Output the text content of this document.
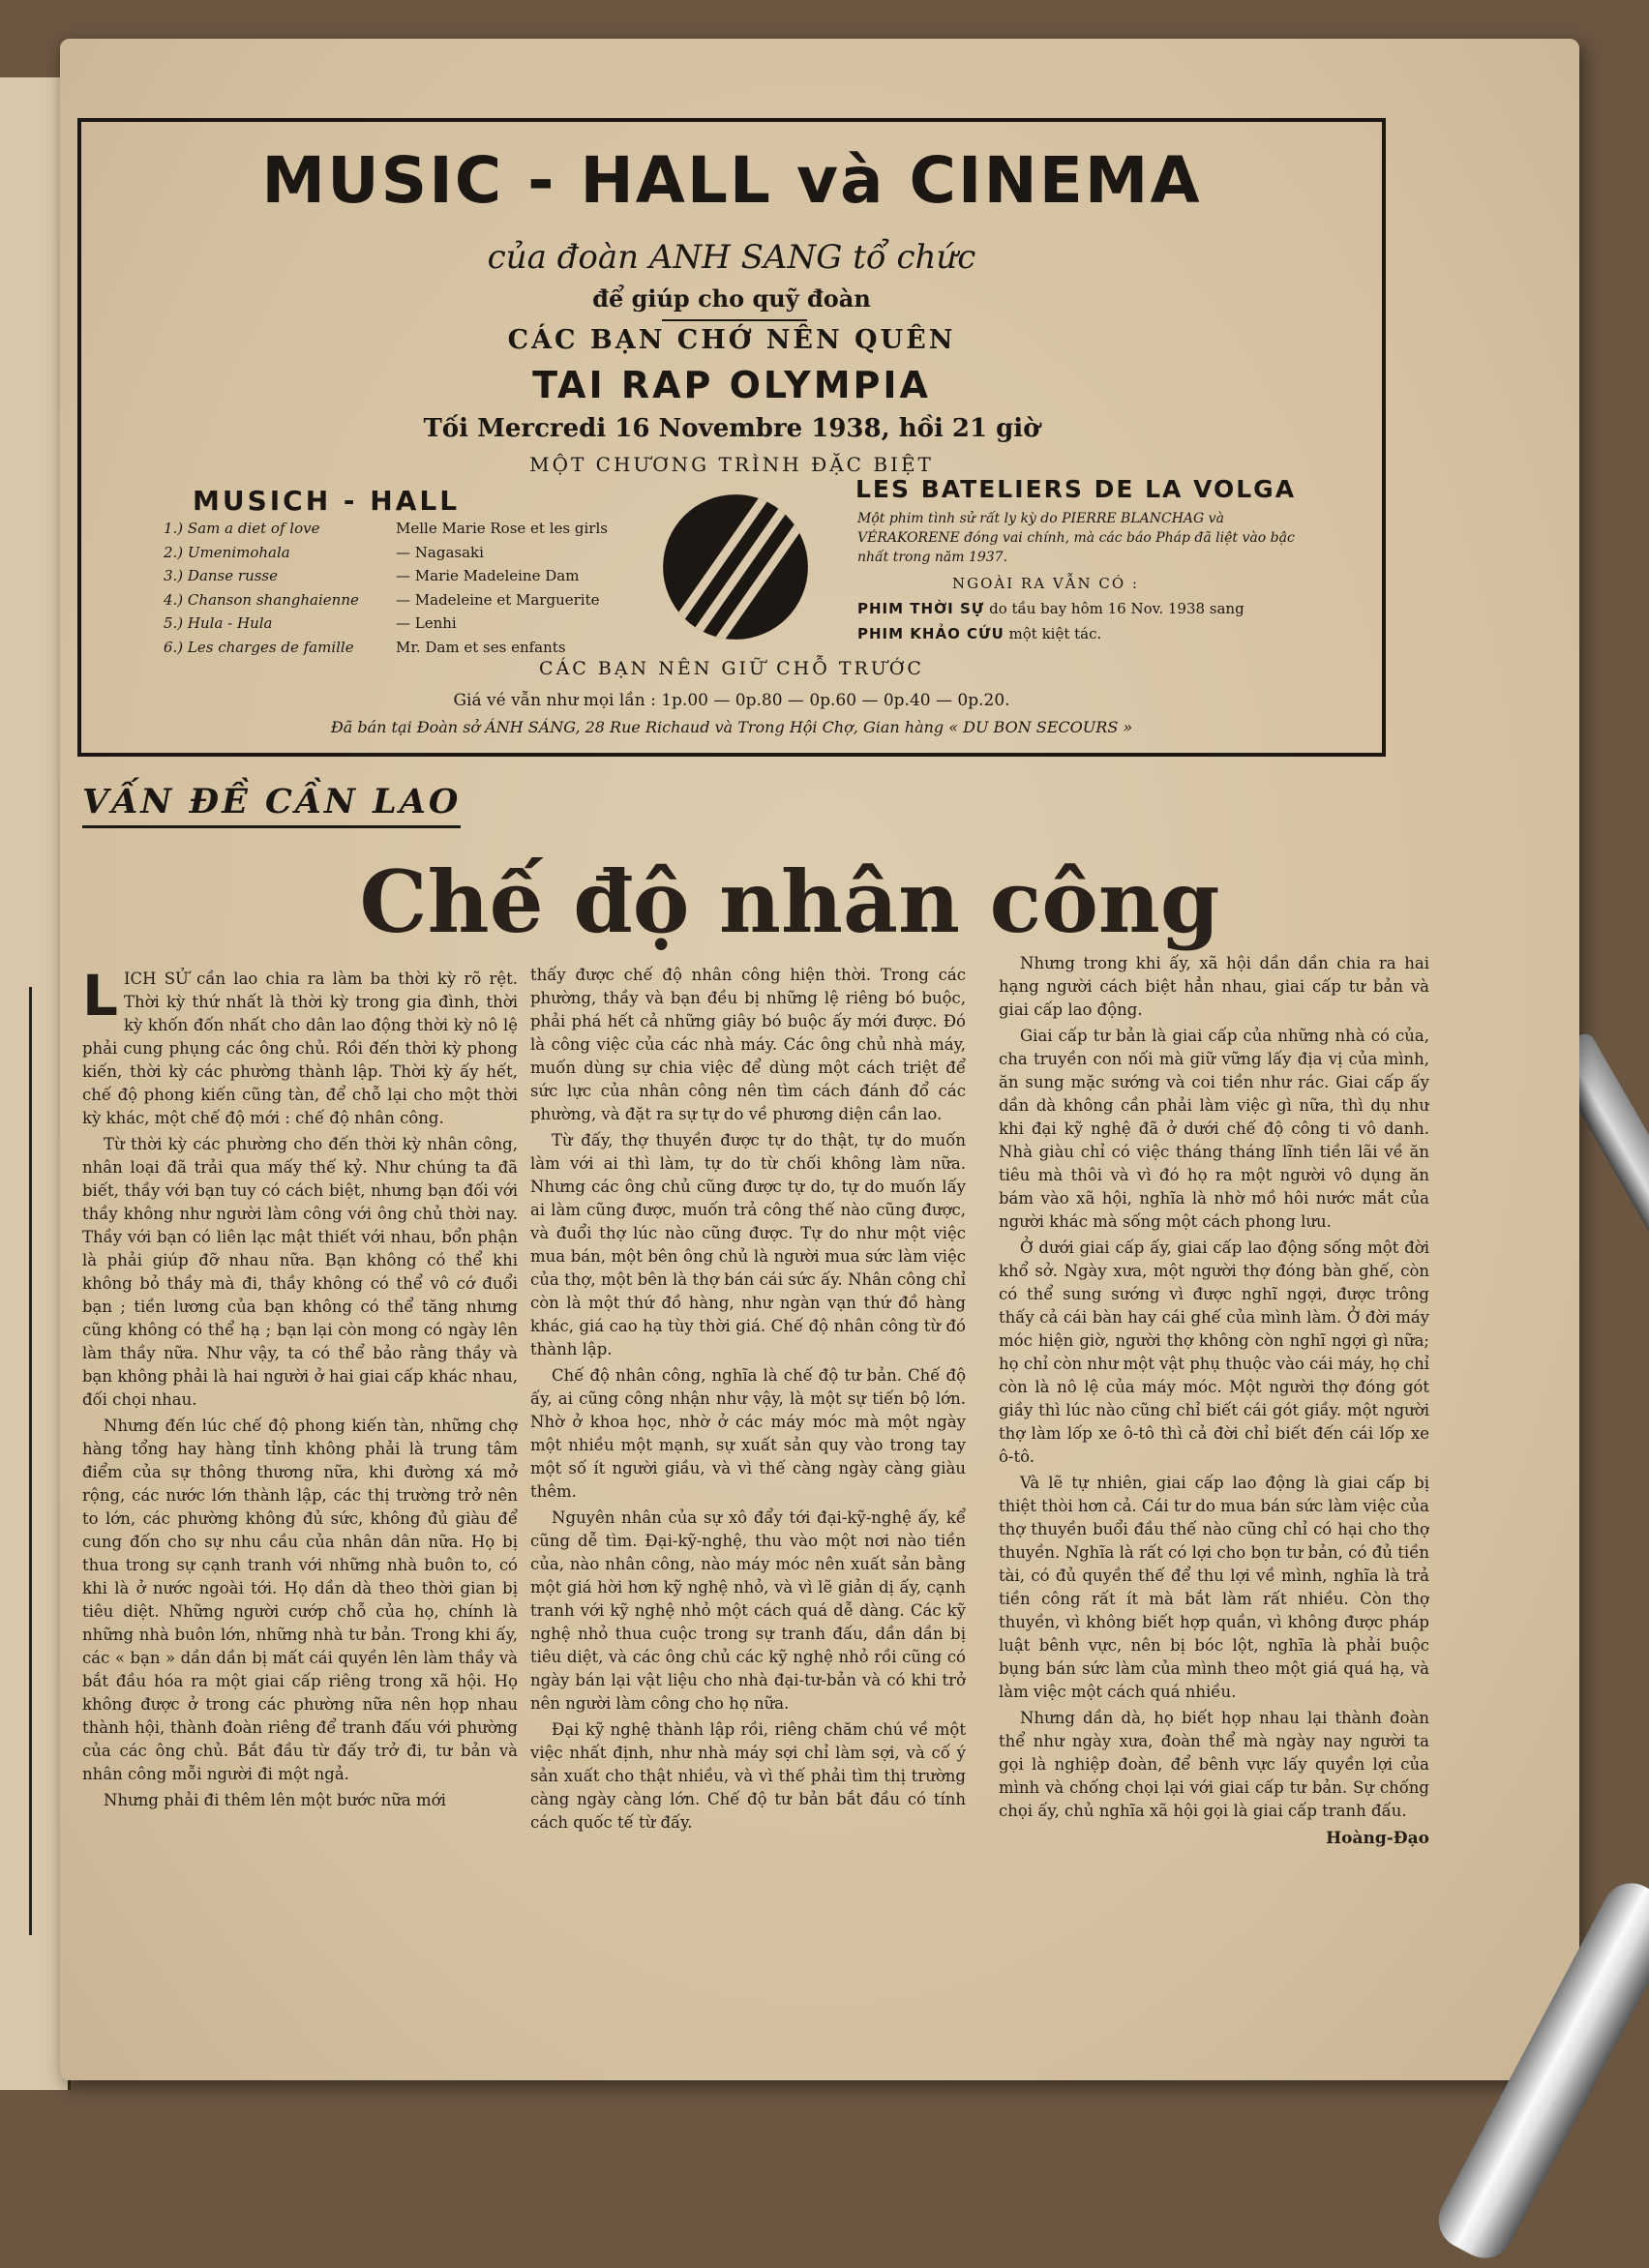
MUSIC - HALL và CINEMA
của đoàn ANH SANG tổ chức
để giúp cho quỹ đoàn
CÁC BẠN CHỚ NÊN QUÊN
TAI RAP OLYMPIA
Tối Mercredi 16 Novembre 1938, hồi 21 giờ
MỘT CHƯƠNG TRÌNH ĐẶC BIỆT
MUSICH - HALL
1.) Sam a diet of love
2.) Umenimohala
3.) Danse russe
4.) Chanson shanghaienne
5.) Hula - Hula
6.) Les charges de famille
Melle Marie Rose et les girls
— Nagasaki
— Marie Madeleine Dam
— Madeleine et Marguerite
— Lenhi
Mr. Dam et ses enfants
LES BATELIERS DE LA VOLGA
Một phim tình sử rất ly kỳ do PIERRE BLANCHAG và VÉRAKORENE đóng vai chính, mà các báo Pháp đã liệt vào bậc nhất trong năm 1937.
NGOÀI RA VẪN CÓ :
PHIM THỜI SỰ do tầu bay hôm 16 Nov. 1938 sang
PHIM KHẢO CỨU một kiệt tác.
CÁC BẠN NÊN GIỮ CHỖ TRƯỚC
Giá vé vẫn như mọi lần : 1p.00 — 0p.80 — 0p.60 — 0p.40 — 0p.20.
Đã bán tại Đoàn sở ÁNH SÁNG, 28 Rue Richaud và Trong Hội Chợ, Gian hàng « DU BON SECOURS »
VẤN ĐỀ CẦN LAO
Chế độ nhân công

LICH SỬ cần lao chia ra làm ba thời kỳ rõ rệt. Thời kỳ thứ nhất là thời kỳ trong gia đình, thời kỳ khốn đốn nhất cho dân lao động thời kỳ nô lệ phải cung phụng các ông chủ. Rồi đến thời kỳ phong kiến, thời kỳ các phường thành lập. Thời kỳ ấy hết, chế độ phong kiến cũng tàn, để chỗ lại cho một thời kỳ khác, một chế độ mới : chế độ nhân công.

Từ thời kỳ các phường cho đến thời kỳ nhân công, nhân loại đã trải qua mấy thế kỷ. Như chúng ta đã biết, thầy với bạn tuy có cách biệt, nhưng bạn đối với thầy không như người làm công với ông chủ thời nay. Thầy với bạn có liên lạc mật thiết với nhau, bổn phận là phải giúp đỡ nhau nữa. Bạn không có thể khi không bỏ thầy mà đi, thầy không có thể vô cớ đuổi bạn ; tiền lương của bạn không có thể tăng nhưng cũng không có thể hạ ; bạn lại còn mong có ngày lên làm thầy nữa. Như vậy, ta có thể bảo rằng thầy và bạn không phải là hai người ở hai giai cấp khác nhau, đối chọi nhau.

Nhưng đến lúc chế độ phong kiến tàn, những chợ hàng tổng hay hàng tỉnh không phải là trung tâm điểm của sự thông thương nữa, khi đường xá mở rộng, các nước lớn thành lập, các thị trường trở nên to lớn, các phường không đủ sức, không đủ giàu để cung đốn cho sự nhu cầu của nhân dân nữa. Họ bị thua trong sự cạnh tranh với những nhà buôn to, có khi là ở nước ngoài tới. Họ dần dà theo thời gian bị tiêu diệt. Những người cướp chỗ của họ, chính là những nhà buôn lớn, những nhà tư bản. Trong khi ấy, các « bạn » dần dần bị mất cái quyền lên làm thầy và bắt đầu hóa ra một giai cấp riêng trong xã hội. Họ không được ở trong các phường nữa nên họp nhau thành hội, thành đoàn riêng để tranh đấu với phường của các ông chủ. Bắt đầu từ đấy trở đi, tư bản và nhân công mỗi người đi một ngả.

Nhưng phải đi thêm lên một bước nữa mới

thấy được chế độ nhân công hiện thời. Trong các phường, thầy và bạn đều bị những lệ riêng bó buộc, phải phá hết cả những giây bó buộc ấy mới được. Đó là công việc của các nhà máy. Các ông chủ nhà máy, muốn dùng sự chia việc để dùng một cách triệt để sức lực của nhân công nên tìm cách đánh đổ các phường, và đặt ra sự tự do về phương diện cần lao.

Từ đấy, thợ thuyền được tự do thật, tự do muốn làm với ai thì làm, tự do từ chối không làm nữa. Nhưng các ông chủ cũng được tự do, tự do muốn lấy ai làm cũng được, muốn trả công thế nào cũng được, và đuổi thợ lúc nào cũng được. Tự do như một việc mua bán, một bên ông chủ là người mua sức làm việc của thợ, một bên là thợ bán cái sức ấy. Nhân công chỉ còn là một thứ đồ hàng, như ngàn vạn thứ đồ hàng khác, giá cao hạ tùy thời giá. Chế độ nhân công từ đó thành lập.

Chế độ nhân công, nghĩa là chế độ tư bản. Chế độ ấy, ai cũng công nhận như vậy, là một sự tiến bộ lớn. Nhờ ở khoa học, nhờ ở các máy móc mà một ngày một nhiều một mạnh, sự xuất sản quy vào trong tay một số ít người giầu, và vì thế càng ngày càng giàu thêm.

Nguyên nhân của sự xô đẩy tới đại-kỹ-nghệ ấy, kể cũng dễ tìm. Đại-kỹ-nghệ, thu vào một nơi nào tiền của, nào nhân công, nào máy móc nên xuất sản bằng một giá hời hơn kỹ nghệ nhỏ, và vì lẽ giản dị ấy, cạnh tranh với kỹ nghệ nhỏ một cách quá dễ dàng. Các kỹ nghệ nhỏ thua cuộc trong sự tranh đấu, dần dần bị tiêu diệt, và các ông chủ các kỹ nghệ nhỏ rồi cũng có ngày bán lại vật liệu cho nhà đại-tư-bản và có khi trở nên người làm công cho họ nữa.

Đại kỹ nghệ thành lập rồi, riêng chăm chú về một việc nhất định, như nhà máy sợi chỉ làm sợi, và cố ý sản xuất cho thật nhiều, và vì thế phải tìm thị trường càng ngày càng lớn. Chế độ tư bản bắt đầu có tính cách quốc tế từ đấy.

Nhưng trong khi ấy, xã hội dần dần chia ra hai hạng người cách biệt hẳn nhau, giai cấp tư bản và giai cấp lao động.

Giai cấp tư bản là giai cấp của những nhà có của, cha truyền con nối mà giữ vững lấy địa vị của mình, ăn sung mặc sướng và coi tiền như rác. Giai cấp ấy dần dà không cần phải làm việc gì nữa, thì dụ như khi đại kỹ nghệ đã ở dưới chế độ công ti vô danh. Nhà giàu chỉ có việc tháng tháng lĩnh tiền lãi về ăn tiêu mà thôi và vì đó họ ra một người vô dụng ăn bám vào xã hội, nghĩa là nhờ mồ hôi nước mắt của người khác mà sống một cách phong lưu.

Ở dưới giai cấp ấy, giai cấp lao động sống một đời khổ sở. Ngày xưa, một người thợ đóng bàn ghế, còn có thể sung sướng vì được nghĩ ngợi, được trông thấy cả cái bàn hay cái ghế của mình làm. Ở đời máy móc hiện giờ, người thợ không còn nghĩ ngợi gì nữa; họ chỉ còn như một vật phụ thuộc vào cái máy, họ chỉ còn là nô lệ của máy móc. Một người thợ đóng gót giầy thì lúc nào cũng chỉ biết cái gót giầy. một người thợ làm lốp xe ô-tô thì cả đời chỉ biết đến cái lốp xe ô-tô.

Và lẽ tự nhiên, giai cấp lao động là giai cấp bị thiệt thòi hơn cả. Cái tư do mua bán sức làm việc của thợ thuyền buổi đầu thế nào cũng chỉ có hại cho thợ thuyền. Nghĩa là rất có lợi cho bọn tư bản, có đủ tiền tài, có đủ quyền thế để thu lợi về mình, nghĩa là trả tiền công rất ít mà bắt làm rất nhiều. Còn thợ thuyền, vì không biết hợp quần, vì không được pháp luật bênh vực, nên bị bóc lột, nghĩa là phải buộc bụng bán sức làm của mình theo một giá quá hạ, và làm việc một cách quá nhiều.

Nhưng dần dà, họ biết họp nhau lại thành đoàn thể như ngày xưa, đoàn thể mà ngày nay người ta gọi là nghiệp đoàn, để bênh vực lấy quyền lợi của mình và chống chọi lại với giai cấp tư bản. Sự chống chọi ấy, chủ nghĩa xã hội gọi là giai cấp tranh đấu.

Hoàng-Đạo
